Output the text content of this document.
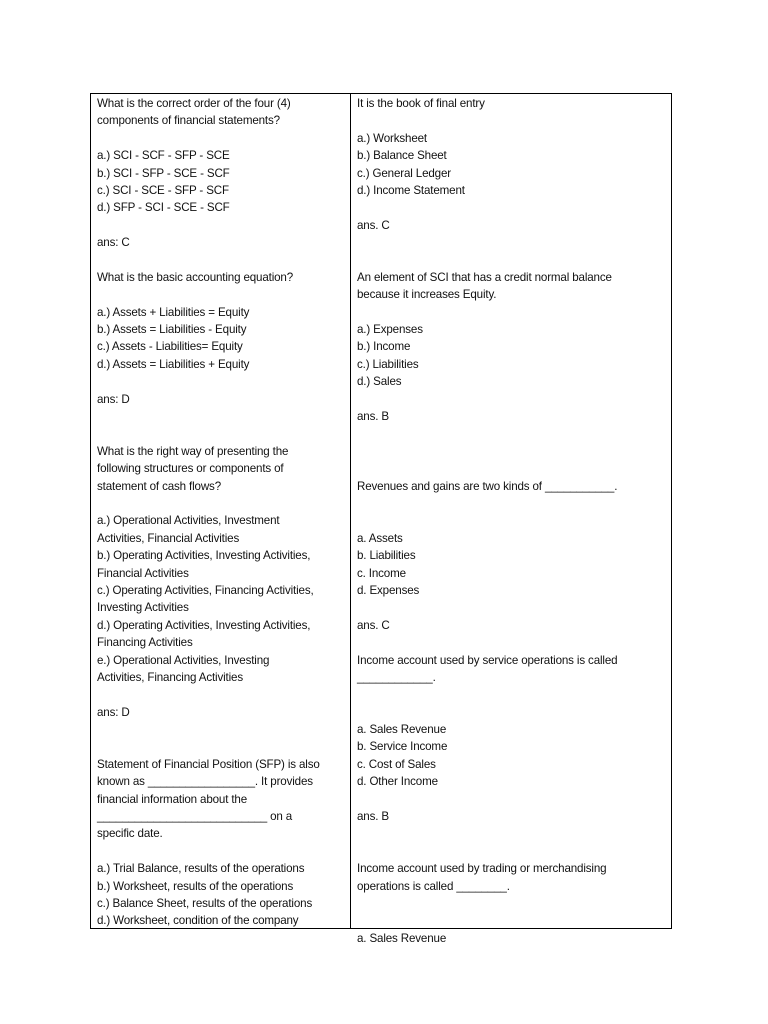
What is the correct order of the four (4)
components of financial statements?
a.) SCI - SCF - SFP - SCE
b.) SCI - SFP - SCE - SCF
c.) SCI - SCE - SFP - SCF
d.) SFP - SCI - SCE - SCF
ans: C
What is the basic accounting equation?
a.) Assets + Liabilities = Equity
b.) Assets = Liabilities - Equity
c.) Assets - Liabilities= Equity
d.) Assets = Liabilities + Equity
ans: D
What is the right way of presenting the
following structures or components of
statement of cash flows?
a.) Operational Activities, Investment
Activities, Financial Activities
b.) Operating Activities, Investing Activities,
Financial Activities
c.) Operating Activities, Financing Activities,
Investing Activities
d.) Operating Activities, Investing Activities,
Financing Activities
e.) Operational Activities, Investing
Activities, Financing Activities
ans: D
Statement of Financial Position (SFP) is also
known as _________________. It provides
financial information about the
___________________________ on a
specific date.
a.) Trial Balance, results of the operations
b.) Worksheet, results of the operations
c.) Balance Sheet, results of the operations
d.) Worksheet, condition of the company
It is the book of final entry
a.) Worksheet
b.) Balance Sheet
c.) General Ledger
d.) Income Statement
ans. C
An element of SCI that has a credit normal balance
because it increases Equity.
a.) Expenses
b.) Income
c.) Liabilities
d.) Sales
ans. B
Revenues and gains are two kinds of ___________.
a. Assets
b. Liabilities
c. Income
d. Expenses
ans. C
Income account used by service operations is called
____________.
a. Sales Revenue
b. Service Income
c. Cost of Sales
d. Other Income
ans. B
Income account used by trading or merchandising
operations is called ________.
a. Sales Revenue
